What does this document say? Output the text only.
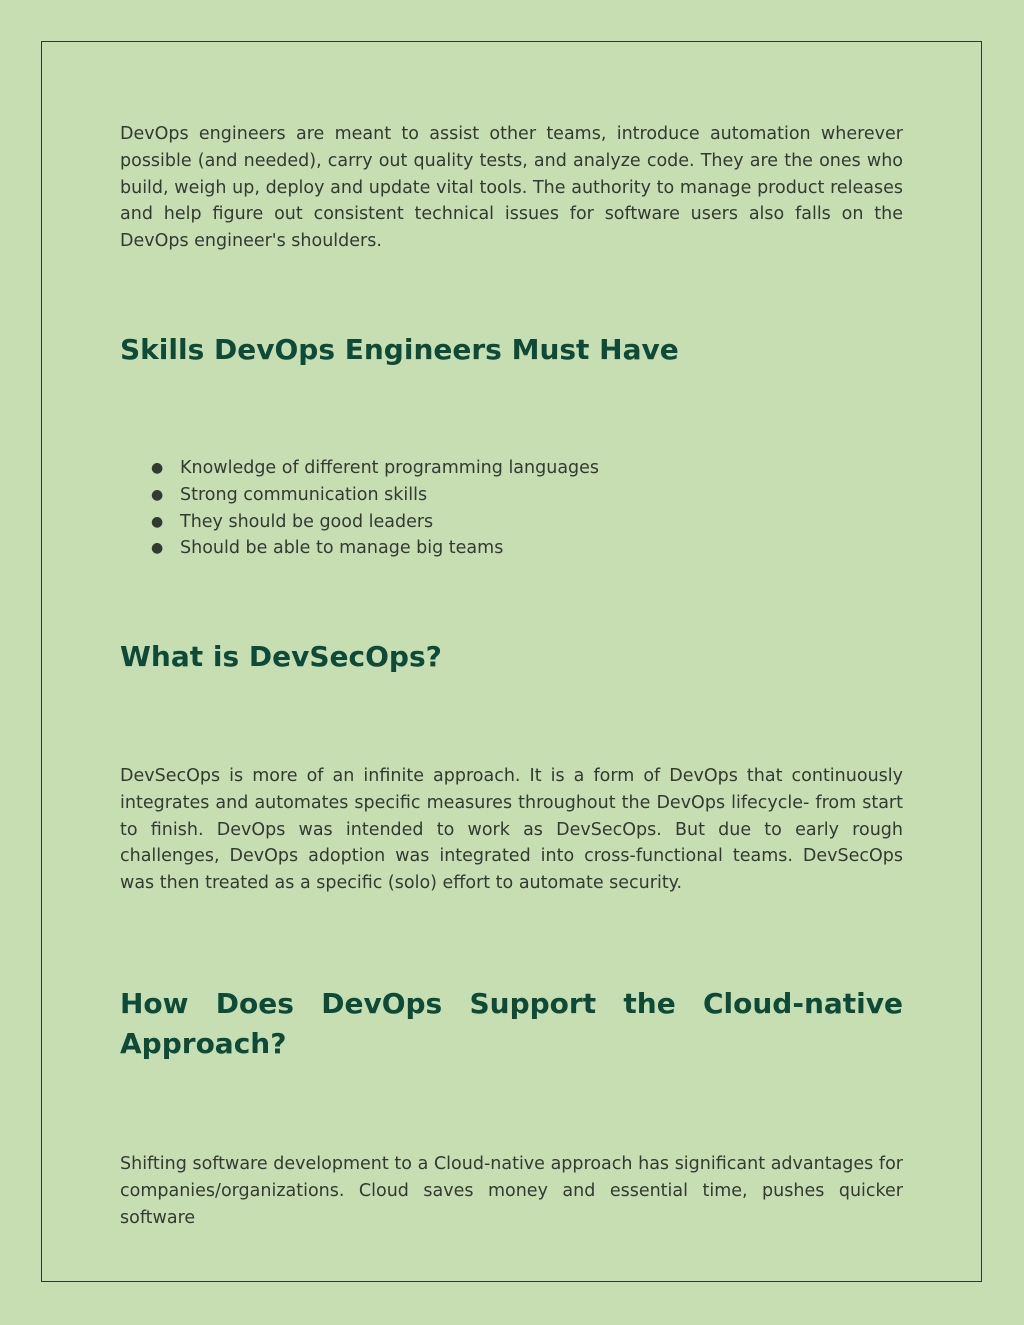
DevOps engineers are meant to assist other teams, introduce automation wherever possible (and needed), carry out quality tests, and analyze code. They are the ones who build, weigh up, deploy and update vital tools. The authority to manage product releases and help figure out consistent technical issues for software users also falls on the DevOps engineer's shoulders.

Skills DevOps Engineers Must Have
● Knowledge of different programming languages
● Strong communication skills
● They should be good leaders
● Should be able to manage big teams
What is DevSecOps?

DevSecOps is more of an infinite approach. It is a form of DevOps that continuously integrates and automates specific measures throughout the DevOps lifecycle- from start to finish. DevOps was intended to work as DevSecOps. But due to early rough challenges, DevOps adoption was integrated into cross-functional teams. DevSecOps was then treated as a specific (solo) effort to automate security.

How Does DevOps Support the Cloud-native Approach?

Shifting software development to a Cloud-native approach has significant advantages for companies/organizations. Cloud saves money and essential time, pushes quicker software
